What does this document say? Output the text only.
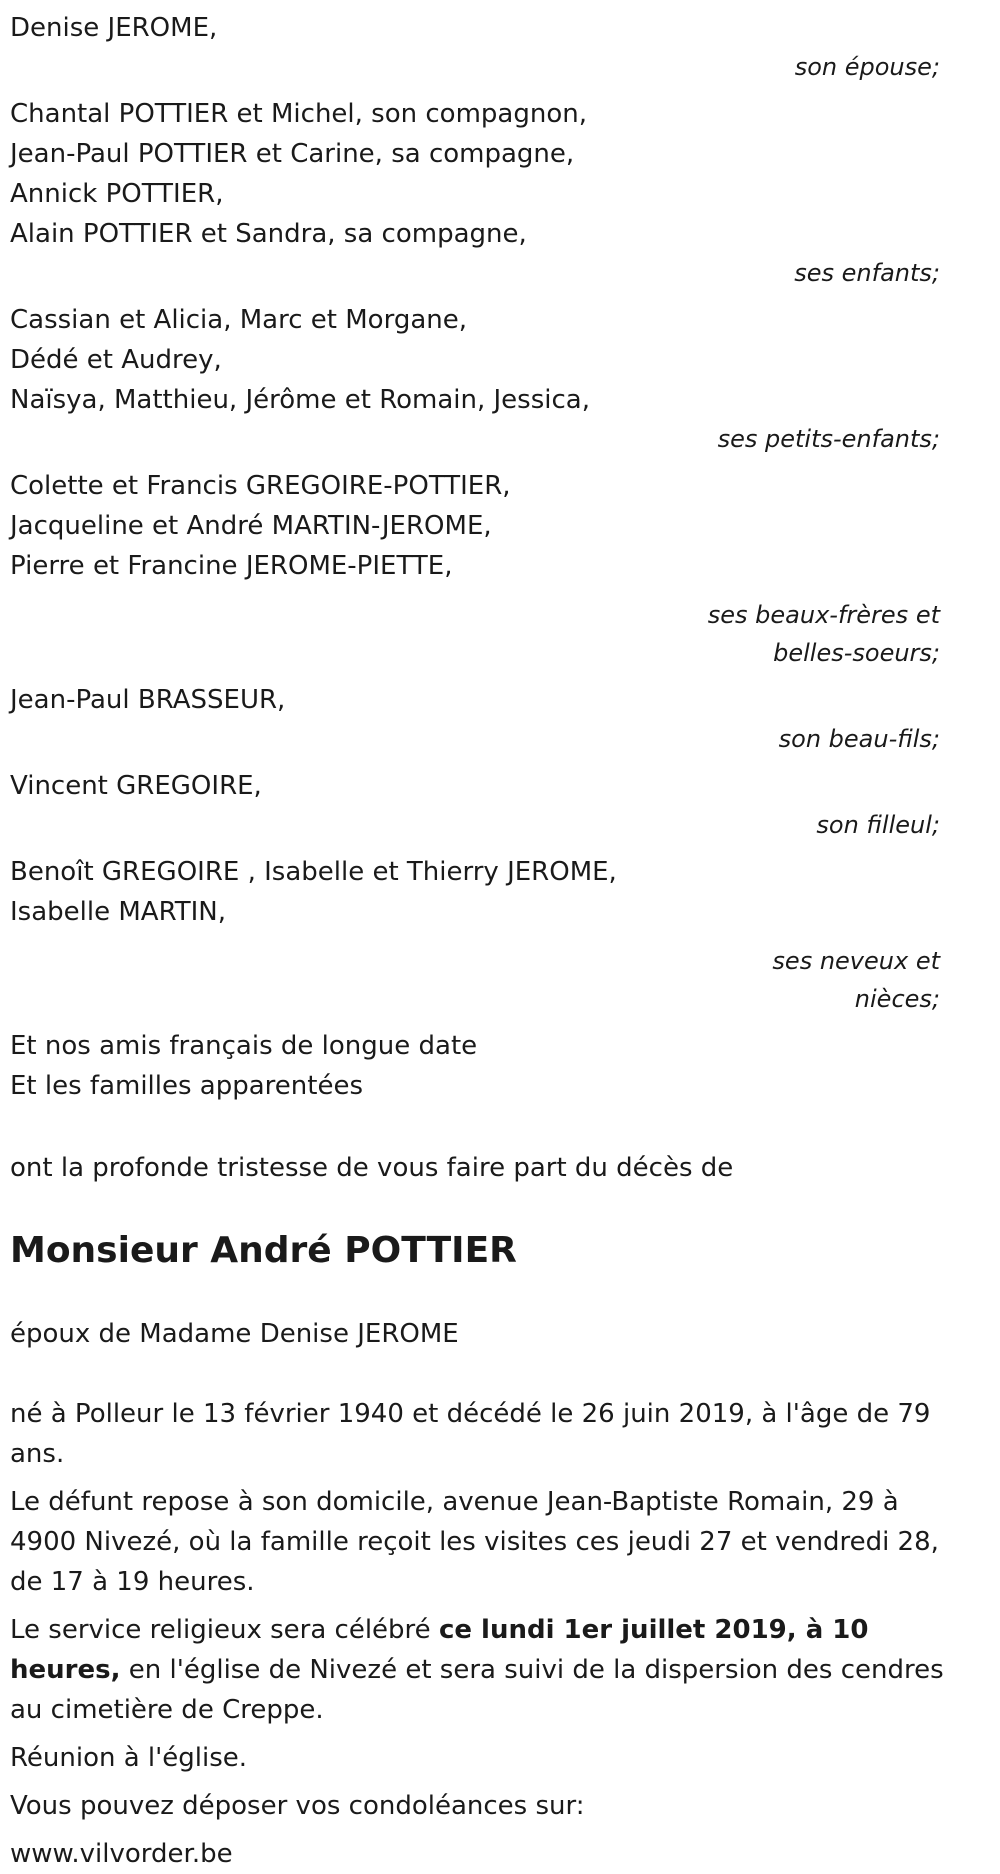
Denise JEROME,
son épouse;
Chantal POTTIER et Michel, son compagnon,
Jean-Paul POTTIER et Carine, sa compagne,
Annick POTTIER,
Alain POTTIER et Sandra, sa compagne,
ses enfants;
Cassian et Alicia, Marc et Morgane,
Dédé et Audrey,
Naïsya, Matthieu, Jérôme et Romain, Jessica,
ses petits-enfants;
Colette et Francis GREGOIRE-POTTIER,
Jacqueline et André MARTIN-JEROME,
Pierre et Francine JEROME-PIETTE,
ses beaux-frères et
belles-soeurs;
Jean-Paul BRASSEUR,
son beau-fils;
Vincent GREGOIRE,
son filleul;
Benoît GREGOIRE , Isabelle et Thierry JEROME,
Isabelle MARTIN,
ses neveux et
nièces;
Et nos amis français de longue date
Et les familles apparentées
ont la profonde tristesse de vous faire part du décès de
Monsieur André POTTIER
époux de Madame Denise JEROME
né à Polleur le 13 février 1940 et décédé le 26 juin 2019, à l'âge de 79 ans.
Le défunt repose à son domicile, avenue Jean-Baptiste Romain, 29 à 4900 Nivezé, où la famille reçoit les visites ces jeudi 27 et vendredi 28, de 17 à 19 heures.
Le service religieux sera célébré ce lundi 1er juillet 2019, à 10 heures, en l'église de Nivezé et sera suivi de la dispersion des cendres au cimetière de Creppe.
Réunion à l'église.
Vous pouvez déposer vos condoléances sur:
www.vilvorder.be
